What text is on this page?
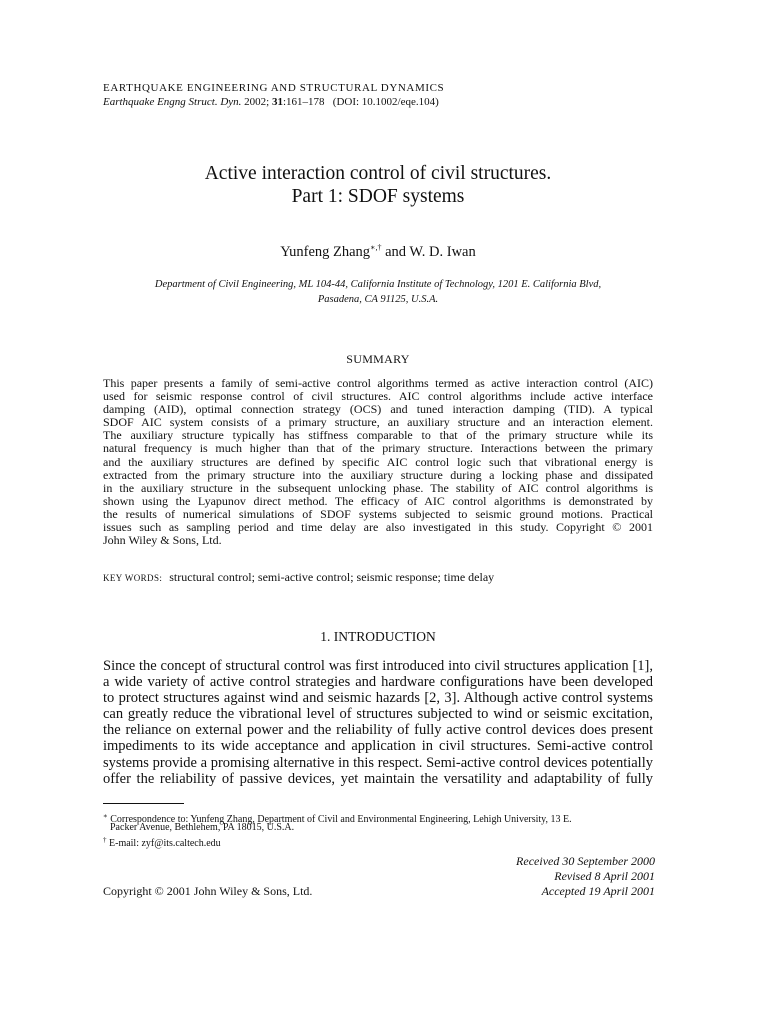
EARTHQUAKE ENGINEERING AND STRUCTURAL DYNAMICS
Earthquake Engng Struct. Dyn. 2002; 31:161–178 (DOI: 10.1002/eqe.104)
Active interaction control of civil structures.
Part 1: SDOF systems
Yunfeng Zhang∗,† and W. D. Iwan
Department of Civil Engineering, ML 104-44, California Institute of Technology, 1201 E. California Blvd,
Pasadena, CA 91125, U.S.A.
SUMMARY
This paper presents a family of semi-active control algorithms termed as active interaction control (AIC)
used for seismic response control of civil structures. AIC control algorithms include active interface
damping (AID), optimal connection strategy (OCS) and tuned interaction damping (TID). A typical
SDOF AIC system consists of a primary structure, an auxiliary structure and an interaction element.
The auxiliary structure typically has stiffness comparable to that of the primary structure while its
natural frequency is much higher than that of the primary structure. Interactions between the primary
and the auxiliary structures are defined by specific AIC control logic such that vibrational energy is
extracted from the primary structure into the auxiliary structure during a locking phase and dissipated
in the auxiliary structure in the subsequent unlocking phase. The stability of AIC control algorithms is
shown using the Lyapunov direct method. The efficacy of AIC control algorithms is demonstrated by
the results of numerical simulations of SDOF systems subjected to seismic ground motions. Practical
issues such as sampling period and time delay are also investigated in this study. Copyright © 2001
John Wiley & Sons, Ltd.
KEY WORDS: structural control; semi-active control; seismic response; time delay
1. INTRODUCTION
Since the concept of structural control was first introduced into civil structures application [1],
a wide variety of active control strategies and hardware configurations have been developed
to protect structures against wind and seismic hazards [2, 3]. Although active control systems
can greatly reduce the vibrational level of structures subjected to wind or seismic excitation,
the reliance on external power and the reliability of fully active control devices does present
impediments to its wide acceptance and application in civil structures. Semi-active control
systems provide a promising alternative in this respect. Semi-active control devices potentially
offer the reliability of passive devices, yet maintain the versatility and adaptability of fully
∗ Correspondence to: Yunfeng Zhang, Department of Civil and Environmental Engineering, Lehigh University, 13 E.
Packer Avenue, Bethlehem, PA 18015, U.S.A.
† E-mail: zyf@its.caltech.edu
Received 30 September 2000
Revised 8 April 2001
Accepted 19 April 2001
Copyright © 2001 John Wiley & Sons, Ltd.
